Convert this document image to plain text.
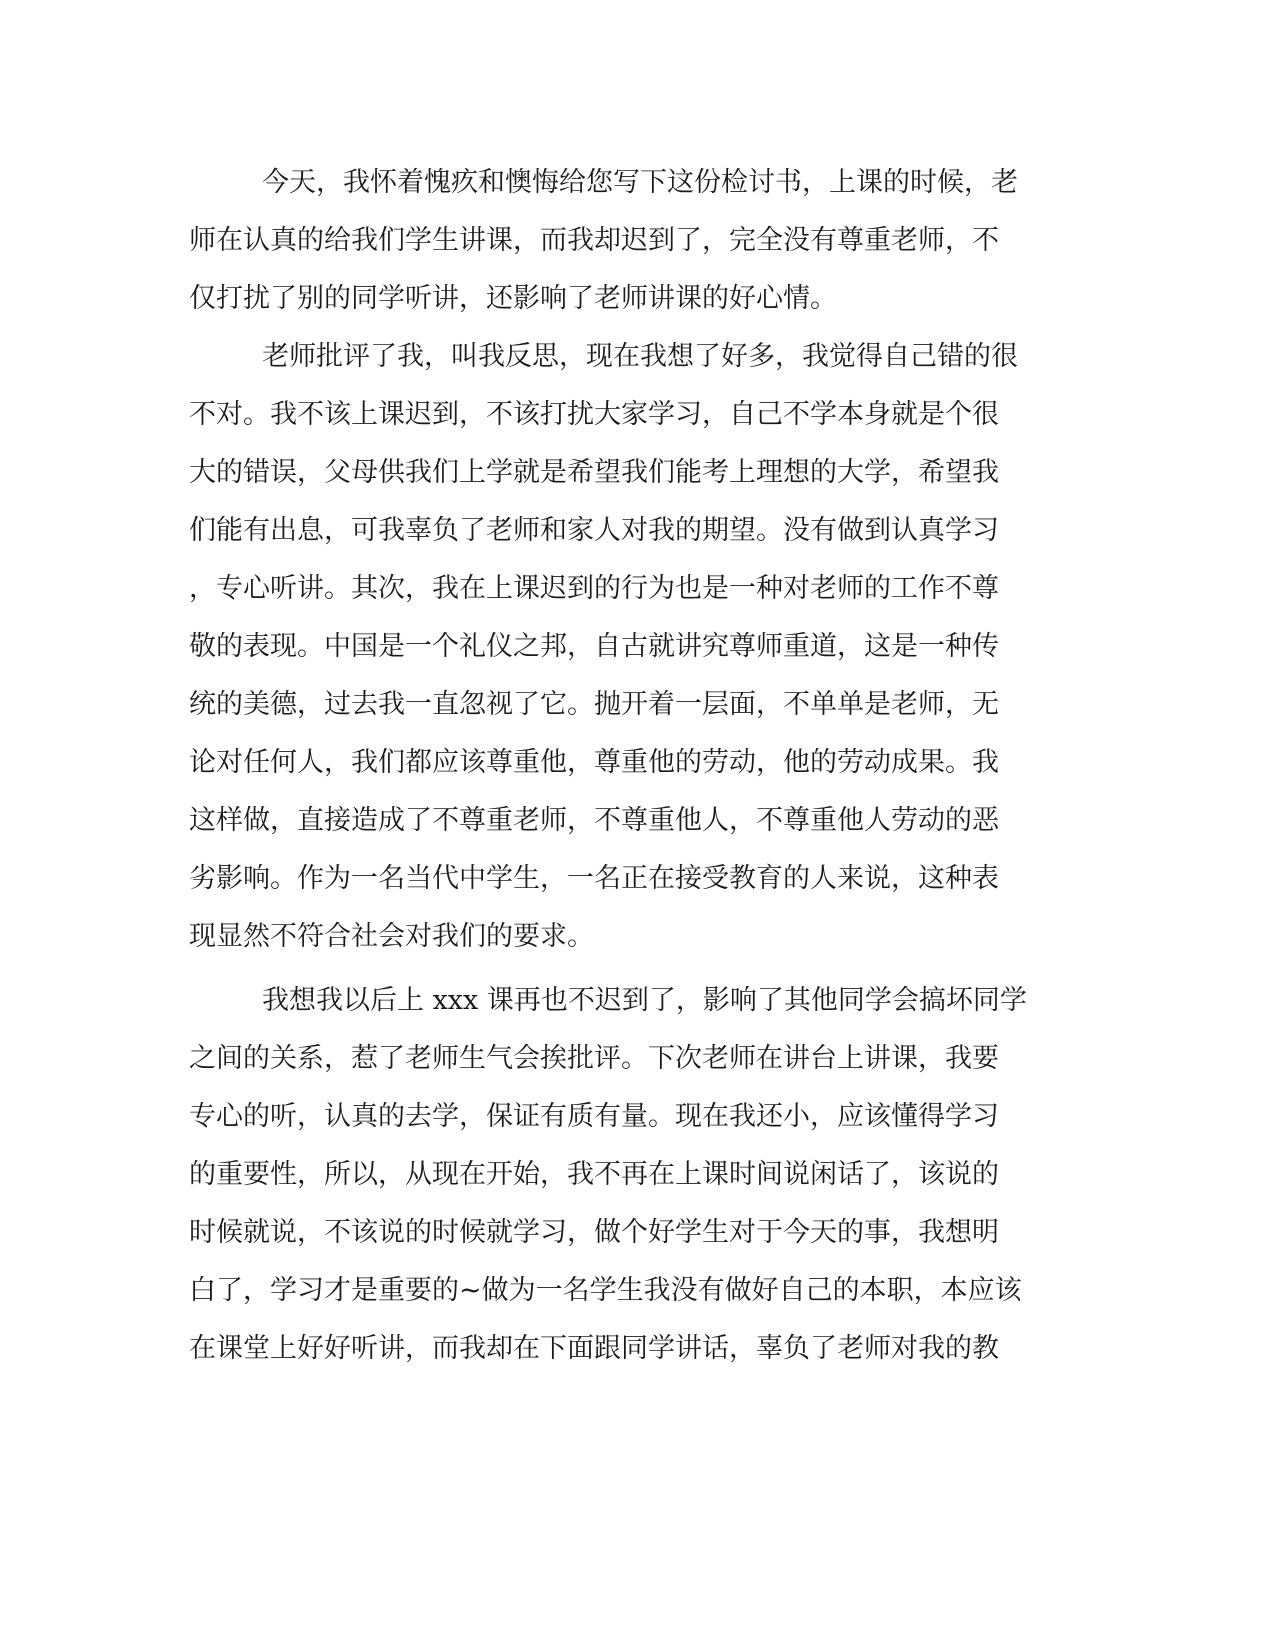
今天，我怀着愧疚和懊悔给您写下这份检讨书，上课的时候，老

师在认真的给我们学生讲课，而我却迟到了，完全没有尊重老师，不

仅打扰了别的同学听讲，还影响了老师讲课的好心情。

老师批评了我，叫我反思，现在我想了好多，我觉得自己错的很

不对。我不该上课迟到，不该打扰大家学习，自己不学本身就是个很

大的错误，父母供我们上学就是希望我们能考上理想的大学，希望我

们能有出息，可我辜负了老师和家人对我的期望。没有做到认真学习

，专心听讲。其次，我在上课迟到的行为也是一种对老师的工作不尊

敬的表现。中国是一个礼仪之邦，自古就讲究尊师重道，这是一种传

统的美德，过去我一直忽视了它。抛开着一层面，不单单是老师，无

论对任何人，我们都应该尊重他，尊重他的劳动，他的劳动成果。我

这样做，直接造成了不尊重老师，不尊重他人，不尊重他人劳动的恶

劣影响。作为一名当代中学生，一名正在接受教育的人来说，这种表

现显然不符合社会对我们的要求。

我想我以后上 xxx 课再也不迟到了，影响了其他同学会搞坏同学

之间的关系，惹了老师生气会挨批评。下次老师在讲台上讲课，我要

专心的听，认真的去学，保证有质有量。现在我还小，应该懂得学习

的重要性，所以，从现在开始，我不再在上课时间说闲话了，该说的

时候就说，不该说的时候就学习，做个好学生对于今天的事，我想明

白了，学习才是重要的~做为一名学生我没有做好自己的本职，本应该

在课堂上好好听讲，而我却在下面跟同学讲话，辜负了老师对我的教
